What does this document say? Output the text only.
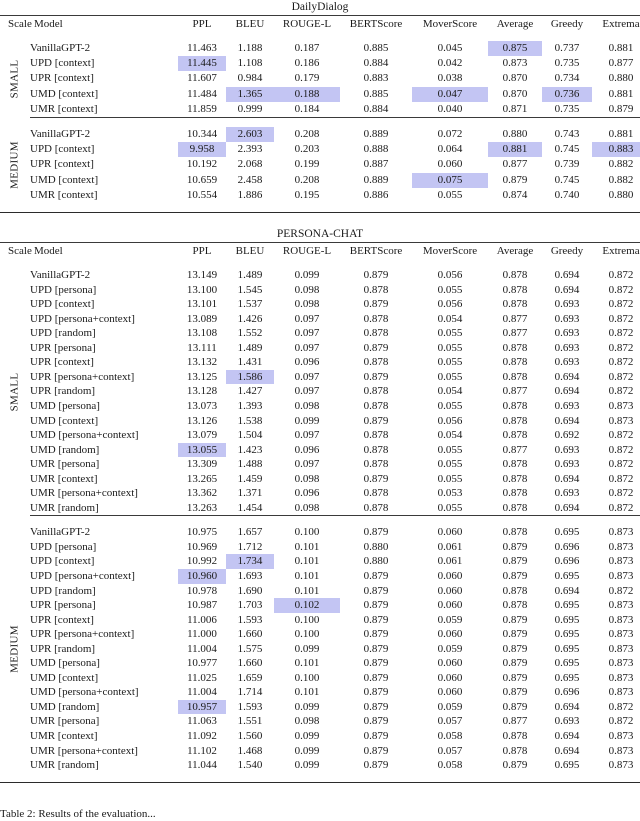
DailyDialog
Scale	Model	PPL	BLEU	ROUGE-L	BERTScore	MoverScore	Average	Greedy	Extrema

SMALL	VanillaGPT-2	11.463	1.188	0.187	0.885	0.045	0.875	0.737	0.881
	UPD [context]	11.445	1.108	0.186	0.884	0.042	0.873	0.735	0.877
	UPR [context]	11.607	0.984	0.179	0.883	0.038	0.870	0.734	0.880
	UMD [context]	11.484	1.365	0.188	0.885	0.047	0.870	0.736	0.881
	UMR [context]	11.859	0.999	0.184	0.884	0.040	0.871	0.735	0.879

MEDIUM	VanillaGPT-2	10.344	2.603	0.208	0.889	0.072	0.880	0.743	0.881
	UPD [context]	9.958	2.393	0.203	0.888	0.064	0.881	0.745	0.883
	UPR [context]	10.192	2.068	0.199	0.887	0.060	0.877	0.739	0.882
	UMD [context]	10.659	2.458	0.208	0.889	0.075	0.879	0.745	0.882
	UMR [context]	10.554	1.886	0.195	0.886	0.055	0.874	0.740	0.880

PERSONA-CHAT
Scale	Model	PPL	BLEU	ROUGE-L	BERTScore	MoverScore	Average	Greedy	Extrema

SMALL	VanillaGPT-2	13.149	1.489	0.099	0.879	0.056	0.878	0.694	0.872
	UPD [persona]	13.100	1.545	0.098	0.878	0.055	0.878	0.694	0.872
	UPD [context]	13.101	1.537	0.098	0.879	0.056	0.878	0.693	0.872
	UPD [persona+context]	13.089	1.426	0.097	0.878	0.054	0.877	0.693	0.872
	UPD [random]	13.108	1.552	0.097	0.878	0.055	0.877	0.693	0.872
	UPR [persona]	13.111	1.489	0.097	0.879	0.055	0.878	0.693	0.872
	UPR [context]	13.132	1.431	0.096	0.878	0.055	0.878	0.693	0.872
	UPR [persona+context]	13.125	1.586	0.097	0.879	0.055	0.878	0.694	0.872
	UPR [random]	13.128	1.427	0.097	0.878	0.054	0.877	0.694	0.872
	UMD [persona]	13.073	1.393	0.098	0.878	0.055	0.878	0.693	0.873
	UMD [context]	13.126	1.538	0.099	0.879	0.056	0.878	0.694	0.873
	UMD [persona+context]	13.079	1.504	0.097	0.878	0.054	0.878	0.692	0.872
	UMD [random]	13.055	1.423	0.096	0.878	0.055	0.877	0.693	0.872
	UMR [persona]	13.309	1.488	0.097	0.878	0.055	0.878	0.693	0.872
	UMR [context]	13.265	1.459	0.098	0.879	0.055	0.878	0.694	0.872
	UMR [persona+context]	13.362	1.371	0.096	0.878	0.053	0.878	0.693	0.872
	UMR [random]	13.263	1.454	0.098	0.878	0.055	0.878	0.694	0.872

MEDIUM	VanillaGPT-2	10.975	1.657	0.100	0.879	0.060	0.878	0.695	0.873
	UPD [persona]	10.969	1.712	0.101	0.880	0.061	0.879	0.696	0.873
	UPD [context]	10.992	1.734	0.101	0.880	0.061	0.879	0.696	0.873
	UPD [persona+context]	10.960	1.693	0.101	0.879	0.060	0.879	0.695	0.873
	UPD [random]	10.978	1.690	0.101	0.879	0.060	0.878	0.694	0.872
	UPR [persona]	10.987	1.703	0.102	0.879	0.060	0.878	0.695	0.873
	UPR [context]	11.006	1.593	0.100	0.879	0.059	0.879	0.695	0.873
	UPR [persona+context]	11.000	1.660	0.100	0.879	0.060	0.879	0.695	0.873
	UPR [random]	11.004	1.575	0.099	0.879	0.059	0.879	0.695	0.873
	UMD [persona]	10.977	1.660	0.101	0.879	0.060	0.879	0.695	0.873
	UMD [context]	11.025	1.659	0.100	0.879	0.060	0.879	0.695	0.873
	UMD [persona+context]	11.004	1.714	0.101	0.879	0.060	0.879	0.696	0.873
	UMD [random]	10.957	1.593	0.099	0.879	0.059	0.879	0.694	0.872
	UMR [persona]	11.063	1.551	0.098	0.879	0.057	0.877	0.693	0.872
	UMR [context]	11.092	1.560	0.099	0.879	0.058	0.878	0.694	0.873
	UMR [persona+context]	11.102	1.468	0.099	0.879	0.057	0.878	0.694	0.873
	UMR [random]	11.044	1.540	0.099	0.879	0.058	0.879	0.695	0.873

Table 2: Results of the evaluation...
